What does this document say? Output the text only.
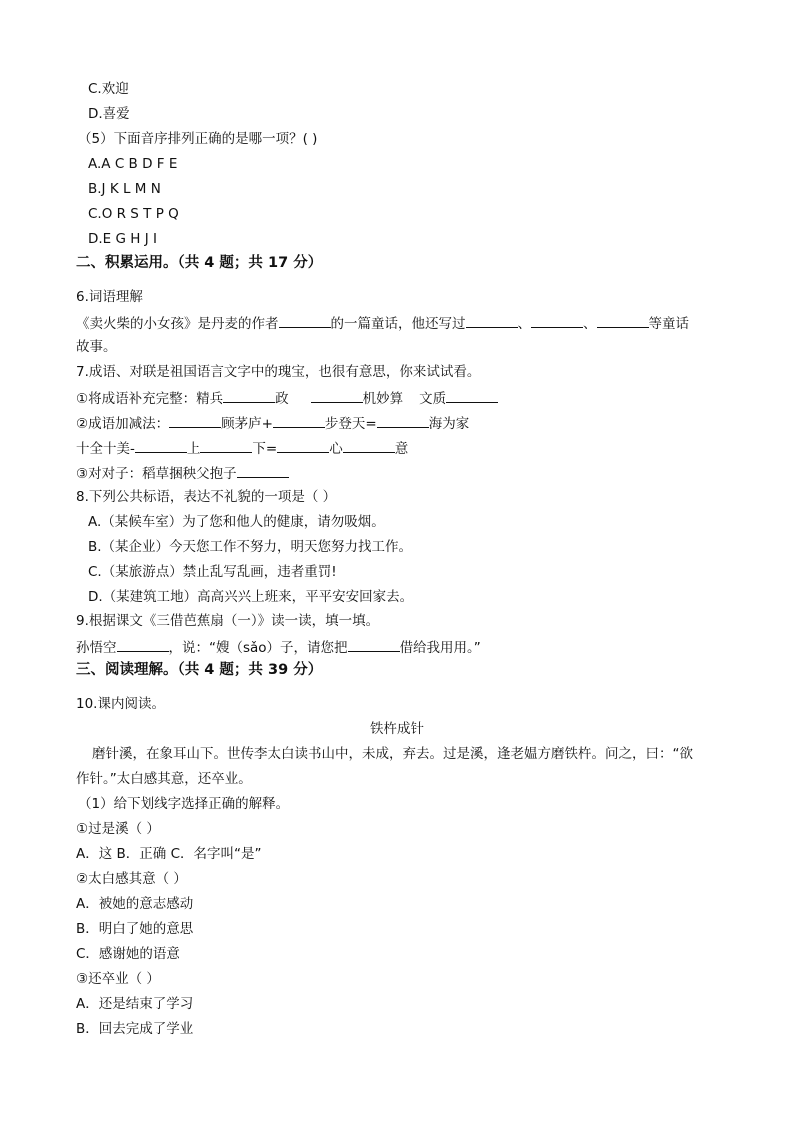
C.欢迎
D.喜爱
（5）下面音序排列正确的是哪一项？( )
A.A C B D F E
B.J K L M N
C.O R S T P Q
D.E G H J I
二、积累运用。（共 4 题；共 17 分）
6.词语理解
《卖火柴的小女孩》是丹麦的作者	的一篇童话，他还写过	、	、	等童话
故事。
7.成语、对联是祖国语言文字中的瑰宝，也很有意思，你来试试看。
①将成语补充完整：精兵	政	机妙算 文质
②成语加减法：	顾茅庐+	步登天=	海为家
十全十美-	上	下=	心	意
③对对子：稻草捆秧父抱子
8.下列公共标语，表达不礼貌的一项是（ ）
A.（某候车室）为了您和他人的健康，请勿吸烟。
B.（某企业）今天您工作不努力，明天您努力找工作。
C.（某旅游点）禁止乱写乱画，违者重罚!
D.（某建筑工地）高高兴兴上班来，平平安安回家去。
9.根据课文《三借芭蕉扇（一）》读一读，填一填。
孙悟空	，说：“嫂（sǎo）子，请您把	借给我用用。”
三、阅读理解。（共 4 题；共 39 分）
10.课内阅读。
铁杵成针
磨针溪，在象耳山下。世传李太白读书山中，未成，弃去。过是溪，逢老媪方磨铁杵。问之，曰：“欲
作针。”太白感其意，还卒业。
（1）给下划线字选择正确的解释。
①过是溪（ ）
A．这 B．正确 C．名字叫“是”
②太白感其意（ ）
A．被她的意志感动
B．明白了她的意思
C．感谢她的语意
③还卒业（ ）
A．还是结束了学习
B．回去完成了学业
